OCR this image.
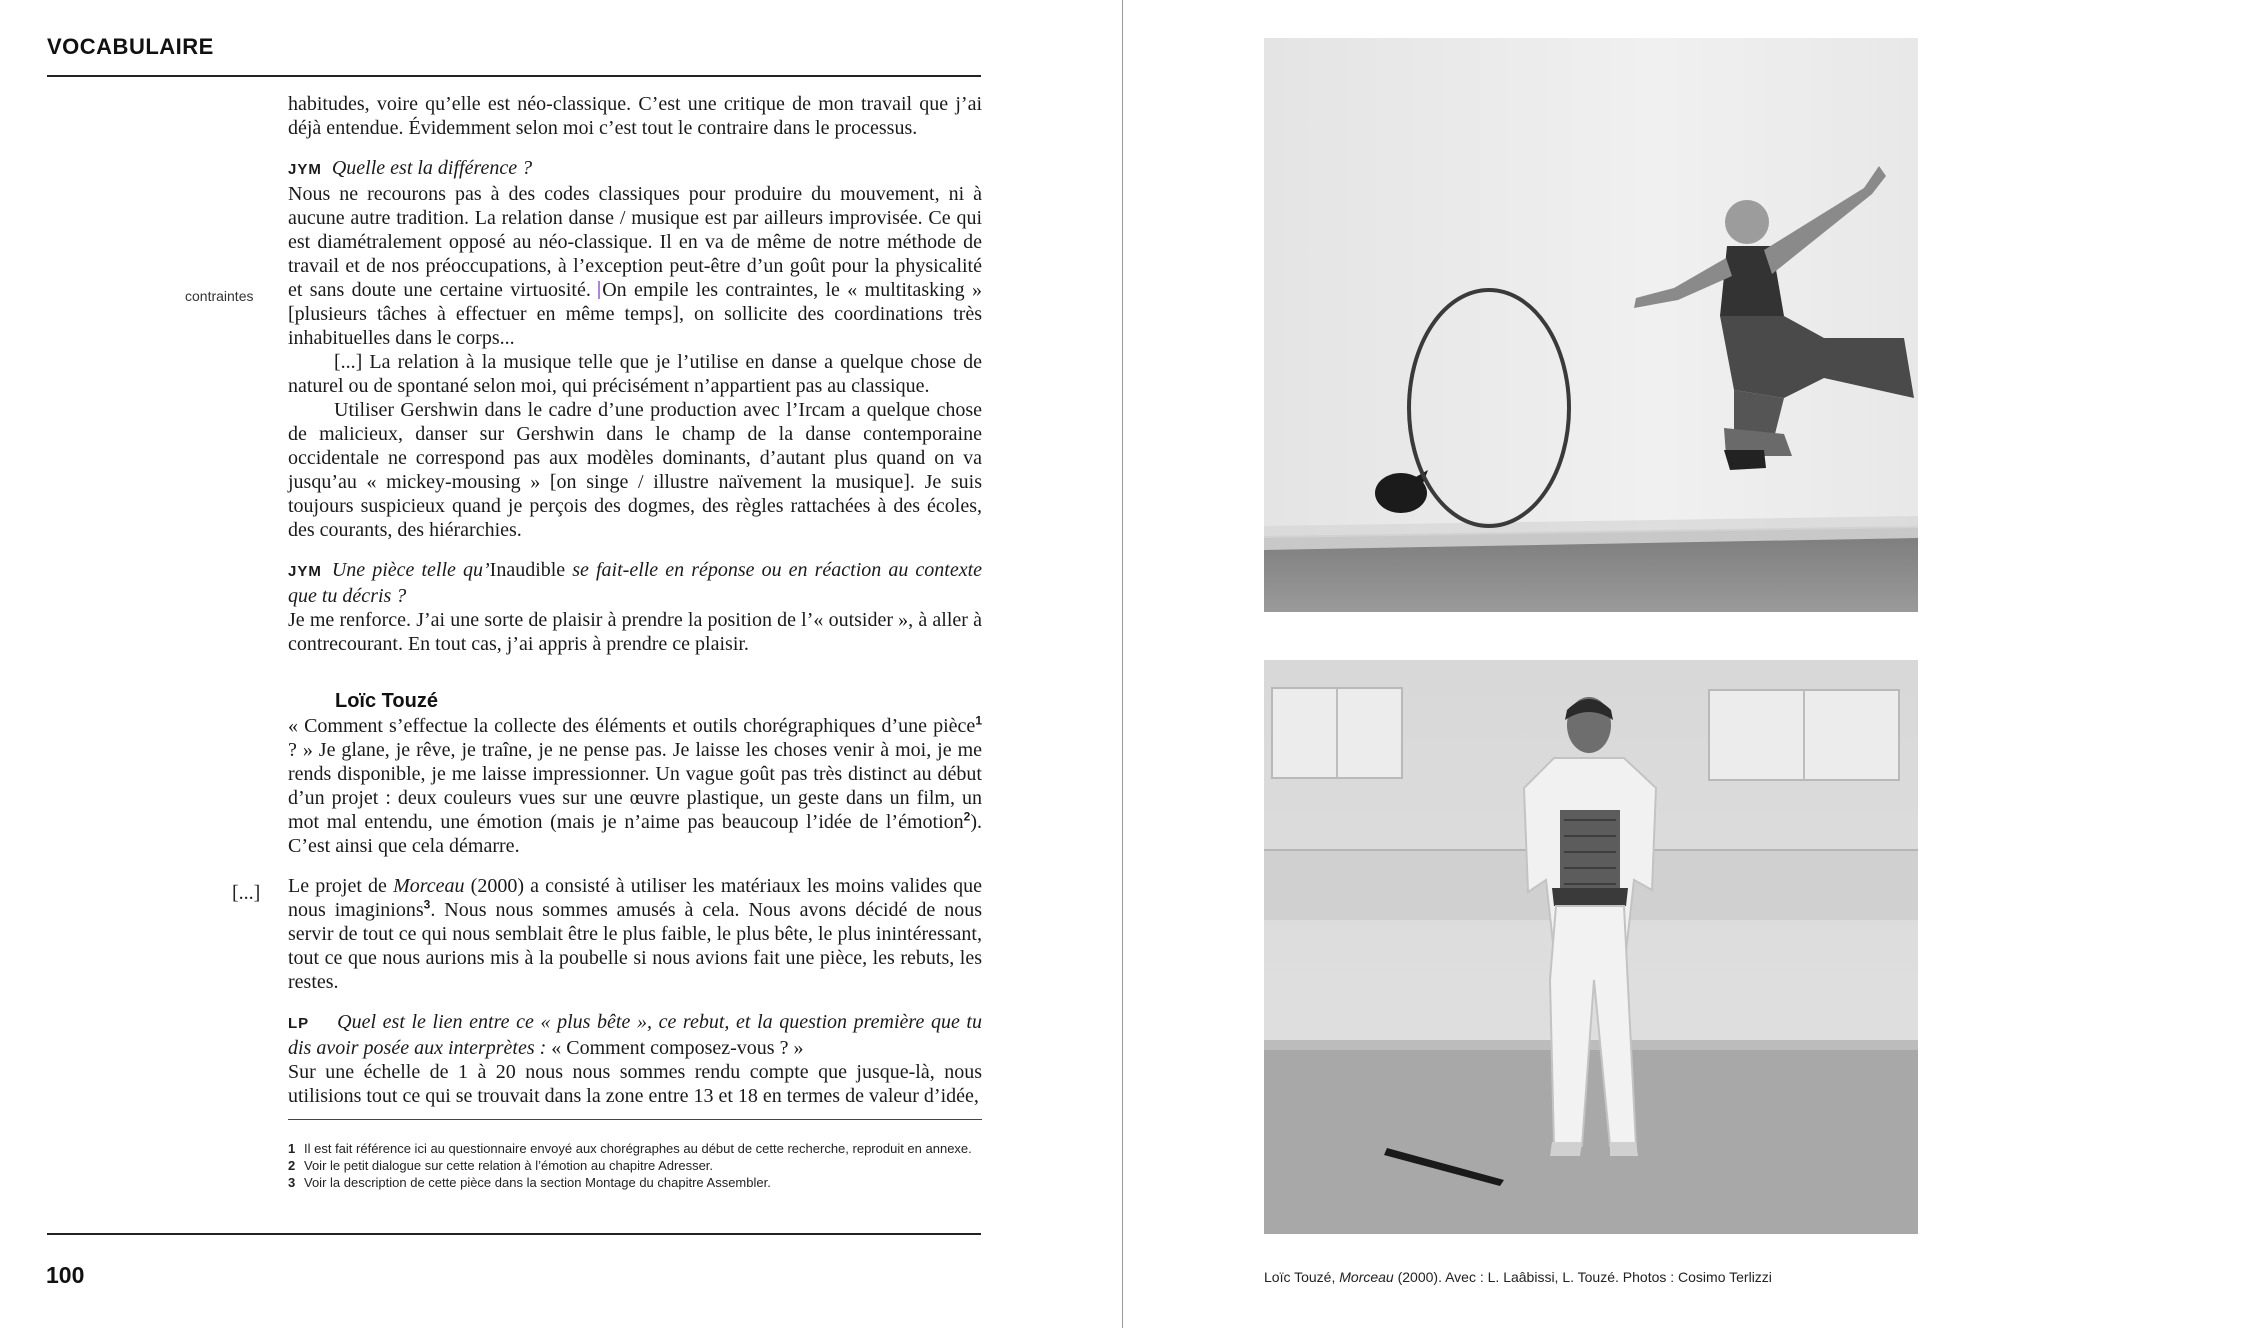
VOCABULAIRE
contraintes
[...]

habitudes, voire qu’elle est néo-classique. C’est une critique de mon travail que j’ai déjà entendue. Évidemment selon moi c’est tout le contraire dans le processus.

JYM Quelle est la différence ?

Nous ne recourons pas à des codes classiques pour produire du mouvement, ni à aucune autre tradition. La relation danse / musique est par ailleurs improvisée. Ce qui est diamétralement opposé au néo-classique. Il en va de même de notre méthode de travail et de nos préoccupations, à l’exception peut-être d’un goût pour la physicalité et sans doute une certaine virtuosité. On empile les contraintes, le « multitasking » [plusieurs tâches à effectuer en même temps], on sollicite des coordinations très inhabituelles dans le corps...

[...] La relation à la musique telle que je l’utilise en danse a quelque chose de naturel ou de spontané selon moi, qui précisément n’appartient pas au classique.

Utiliser Gershwin dans le cadre d’une production avec l’Ircam a quelque chose de malicieux, danser sur Gershwin dans le champ de la danse contemporaine occidentale ne correspond pas aux modèles dominants, d’autant plus quand on va jusqu’au « mickey-mousing » [on singe / illustre naïvement la musique]. Je suis toujours suspicieux quand je perçois des dogmes, des règles rattachées à des écoles, des courants, des hiérarchies.

JYM Une pièce telle qu’Inaudible se fait-elle en réponse ou en réaction au contexte que tu décris ?

Je me renforce. J’ai une sorte de plaisir à prendre la position de l’« outsider », à aller à contrecourant. En tout cas, j’ai appris à prendre ce plaisir.

Loïc Touzé

« Comment s’effectue la collecte des éléments et outils chorégraphiques d’une pièce$^1$ ? » Je glane, je rêve, je traîne, je ne pense pas. Je laisse les choses venir à moi, je me rends disponible, je me laisse impressionner. Un vague goût pas très distinct au début d’un projet : deux couleurs vues sur une œuvre plastique, un geste dans un film, un mot mal entendu, une émotion (mais je n’aime pas beaucoup l’idée de l’émotion$^2$). C’est ainsi que cela démarre.

Le projet de Morceau (2000) a consisté à utiliser les matériaux les moins valides que nous imaginions$^3$. Nous nous sommes amusés à cela. Nous avons décidé de nous servir de tout ce qui nous semblait être le plus faible, le plus bête, le plus inintéressant, tout ce que nous aurions mis à la poubelle si nous avions fait une pièce, les rebuts, les restes.

LP Quel est le lien entre ce « plus bête », ce rebut, et la question première que tu dis avoir posée aux interprètes : « Comment composez-vous ? »

Sur une échelle de 1 à 20 nous nous sommes rendu compte que jusque-là, nous utilisions tout ce qui se trouvait dans la zone entre 13 et 18 en termes de valeur d’idée,

1 Il est fait référence ici au questionnaire envoyé aux chorégraphes au début de cette recherche, reproduit en annexe.
2 Voir le petit dialogue sur cette relation à l’émotion au chapitre Adresser.
3 Voir la description de cette pièce dans la section Montage du chapitre Assembler.
100	Loïc Touzé, Morceau (2000). Avec : L. Laâbissi, L. Touzé. Photos : Cosimo Terlizzi
